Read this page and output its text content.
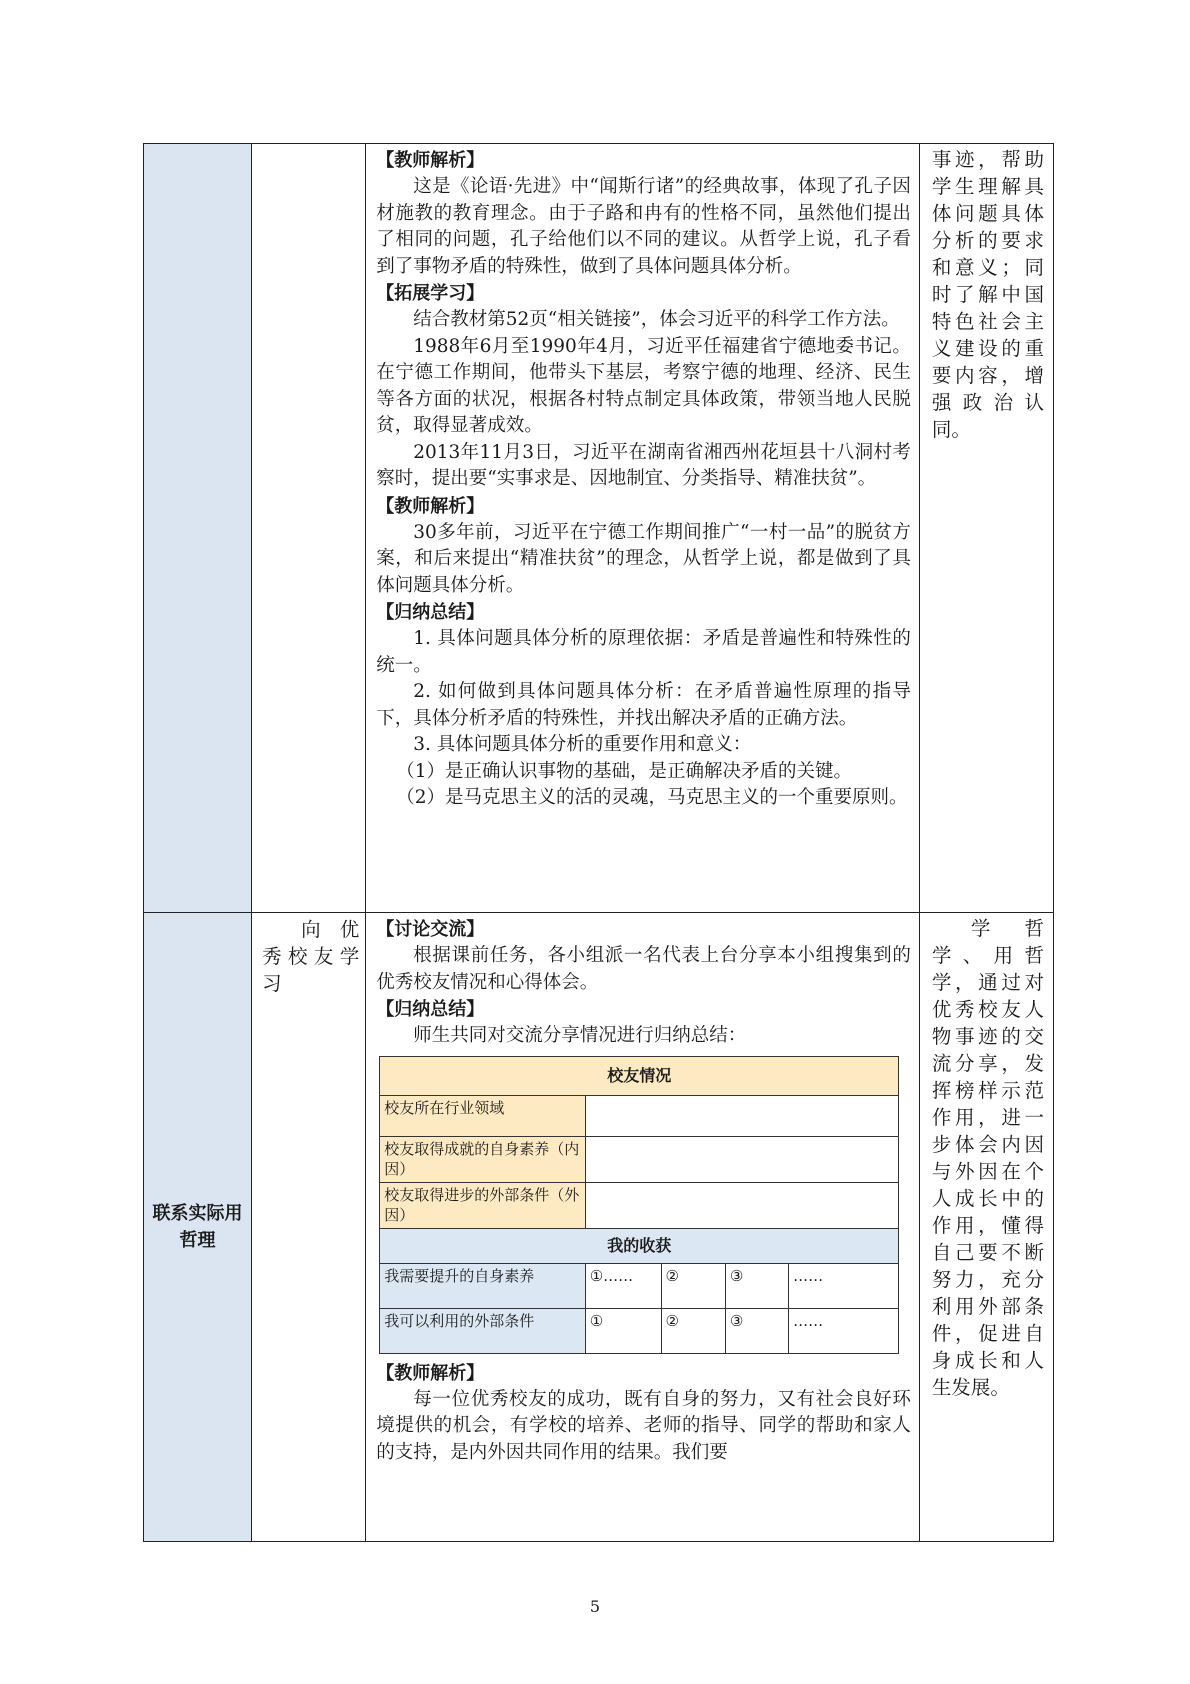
【教师解析】

这是《论语·先进》中“闻斯行诸”的经典故事，体现了孔子因材施教的教育理念。由于子路和冉有的性格不同，虽然他们提出了相同的问题，孔子给他们以不同的建议。从哲学上说，孔子看到了事物矛盾的特殊性，做到了具体问题具体分析。

【拓展学习】

结合教材第52页“相关链接”，体会习近平的科学工作方法。

1988年6月至1990年4月，习近平任福建省宁德地委书记。在宁德工作期间，他带头下基层，考察宁德的地理、经济、民生等各方面的状况，根据各村特点制定具体政策，带领当地人民脱贫，取得显著成效。

2013年11月3日，习近平在湖南省湘西州花垣县十八洞村考察时，提出要“实事求是、因地制宜、分类指导、精准扶贫”。

【教师解析】

30多年前，习近平在宁德工作期间推广“一村一品”的脱贫方案，和后来提出“精准扶贫”的理念，从哲学上说，都是做到了具体问题具体分析。

【归纳总结】

1. 具体问题具体分析的原理依据：矛盾是普遍性和特殊性的统一。

2. 如何做到具体问题具体分析：在矛盾普遍性原理的指导下，具体分析矛盾的特殊性，并找出解决矛盾的正确方法。

3. 具体问题具体分析的重要作用和意义：

（1）是正确认识事物的基础，是正确解决矛盾的关键。

（2）是马克思主义的活的灵魂，马克思主义的一个重要原则。

事迹，帮助学生理解具体问题具体分析的要求和意义；同时了解中国特色社会主义建设的重要内容，增强政治认同。

联系实际用哲理	
向优秀校友学习

【讨论交流】

根据课前任务，各小组派一名代表上台分享本小组搜集到的优秀校友情况和心得体会。

【归纳总结】

师生共同对交流分享情况进行归纳总结：

校友情况
校友所在行业领域	
校友取得成就的自身素养（内因）	
校友取得进步的外部条件（外因）	
我的收获
我需要提升的自身素养	①……	②	③	……
我可以利用的外部条件	①	②	③	……

【教师解析】

每一位优秀校友的成功，既有自身的努力，又有社会良好环境提供的机会，有学校的培养、老师的指导、同学的帮助和家人的支持，是内外因共同作用的结果。我们要

学哲学、用哲学，通过对优秀校友人物事迹的交流分享，发挥榜样示范作用，进一步体会内因与外因在个人成长中的作用，懂得自己要不断努力，充分利用外部条件，促进自身成长和人生发展。
5
